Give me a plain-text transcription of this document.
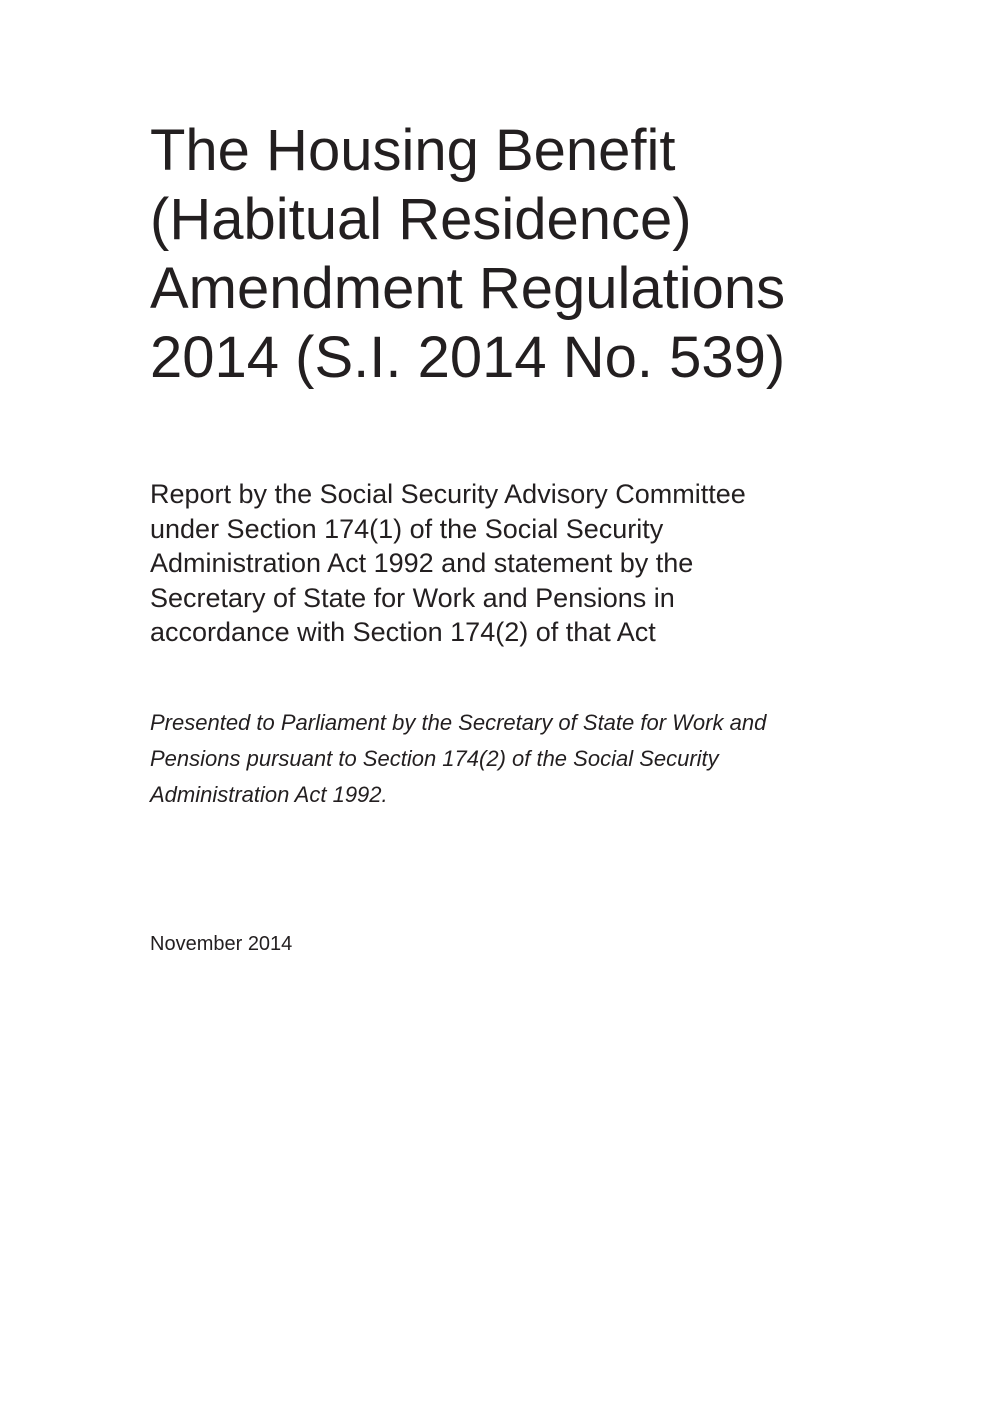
The Housing Benefit
(Habitual Residence)
Amendment Regulations
2014 (S.I. 2014 No. 539)
Report by the Social Security Advisory Committee
under Section 174(1) of the Social Security
Administration Act 1992 and statement by the
Secretary of State for Work and Pensions in
accordance with Section 174(2) of that Act
Presented to Parliament by the Secretary of State for Work and
Pensions pursuant to Section 174(2) of the Social Security
Administration Act 1992.
November 2014
